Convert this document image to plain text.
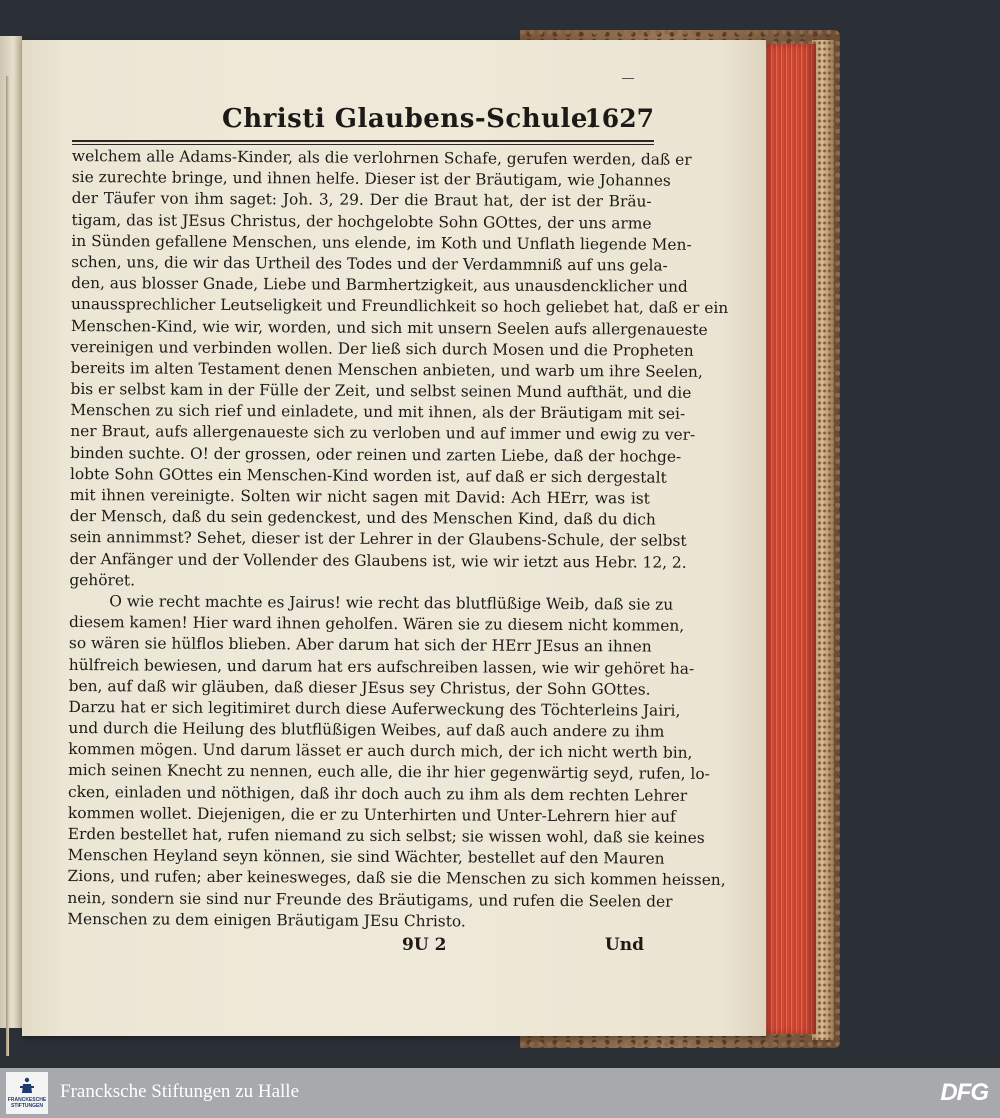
Christi Glaubens-Schule.
1627
welchem alle Adams-Kinder, als die verlohrnen Schafe, gerufen werden, daß er
sie zurechte bringe, und ihnen helfe. Dieser ist der Bräutigam, wie Johannes
der Täufer von ihm saget: Joh. 3, 29. Der die Braut hat, der ist der Bräu-
tigam, das ist JEsus Christus, der hochgelobte Sohn GOttes, der uns arme
in Sünden gefallene Menschen, uns elende, im Koth und Unflath liegende Men-
schen, uns, die wir das Urtheil des Todes und der Verdammniß auf uns gela-
den, aus blosser Gnade, Liebe und Barmhertzigkeit, aus unausdencklicher und
unaussprechlicher Leutseligkeit und Freundlichkeit so hoch geliebet hat, daß er ein
Menschen-Kind, wie wir, worden, und sich mit unsern Seelen aufs allergenaueste
vereinigen und verbinden wollen. Der ließ sich durch Mosen und die Propheten
bereits im alten Testament denen Menschen anbieten, und warb um ihre Seelen,
bis er selbst kam in der Fülle der Zeit, und selbst seinen Mund aufthät, und die
Menschen zu sich rief und einladete, und mit ihnen, als der Bräutigam mit sei-
ner Braut, aufs allergenaueste sich zu verloben und auf immer und ewig zu ver-
binden suchte. O! der grossen, oder reinen und zarten Liebe, daß der hochge-
lobte Sohn GOttes ein Menschen-Kind worden ist, auf daß er sich dergestalt
mit ihnen vereinigte. Solten wir nicht sagen mit David: Ach HErr, was ist
der Mensch, daß du sein gedenckest, und des Menschen Kind, daß du dich
sein annimmst? Sehet, dieser ist der Lehrer in der Glaubens-Schule, der selbst
der Anfänger und der Vollender des Glaubens ist, wie wir ietzt aus Hebr. 12, 2.
gehöret.
O wie recht machte es Jairus! wie recht das blutflüßige Weib, daß sie zu
diesem kamen! Hier ward ihnen geholfen. Wären sie zu diesem nicht kommen,
so wären sie hülflos blieben. Aber darum hat sich der HErr JEsus an ihnen
hülfreich bewiesen, und darum hat ers aufschreiben lassen, wie wir gehöret ha-
ben, auf daß wir gläuben, daß dieser JEsus sey Christus, der Sohn GOttes.
Darzu hat er sich legitimiret durch diese Auferweckung des Töchterleins Jairi,
und durch die Heilung des blutflüßigen Weibes, auf daß auch andere zu ihm
kommen mögen. Und darum lässet er auch durch mich, der ich nicht werth bin,
mich seinen Knecht zu nennen, euch alle, die ihr hier gegenwärtig seyd, rufen, lo-
cken, einladen und nöthigen, daß ihr doch auch zu ihm als dem rechten Lehrer
kommen wollet. Diejenigen, die er zu Unterhirten und Unter-Lehrern hier auf
Erden bestellet hat, rufen niemand zu sich selbst; sie wissen wohl, daß sie keines
Menschen Heyland seyn können, sie sind Wächter, bestellet auf den Mauren
Zions, und rufen; aber keinesweges, daß sie die Menschen zu sich kommen heissen,
nein, sondern sie sind nur Freunde des Bräutigams, und rufen die Seelen der
Menschen zu dem einigen Bräutigam JEsu Christo.
9U 2	Und
FRANCKESCHE
STIFTUNGEN
Francksche Stiftungen zu Halle	DFG
